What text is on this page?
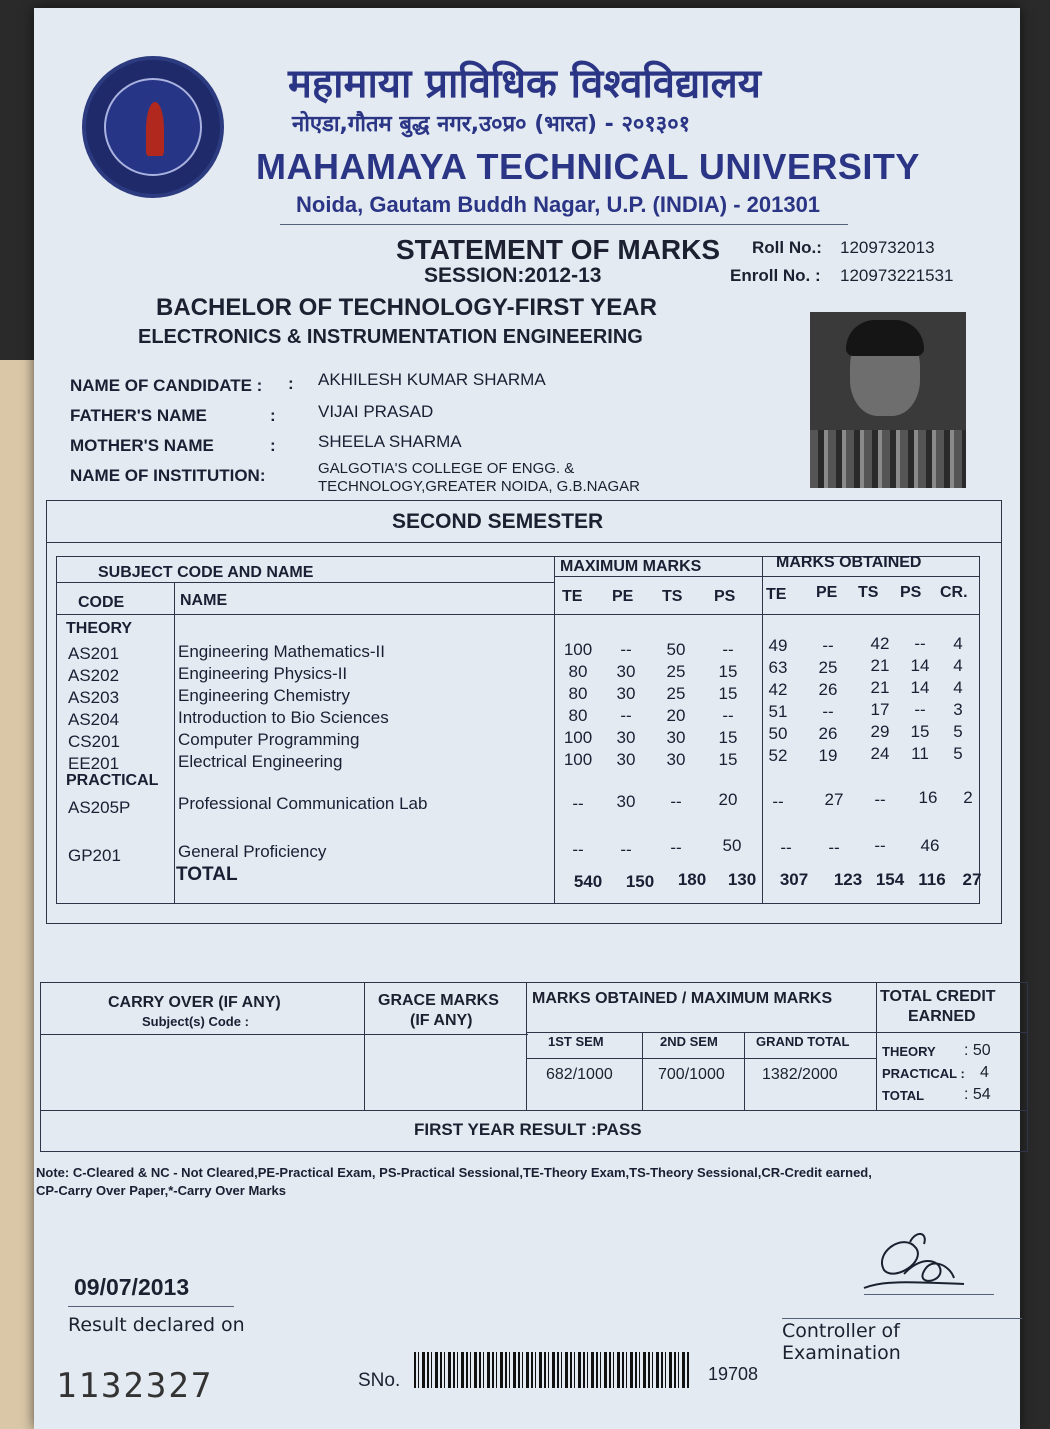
महामाया प्राविधिक विश्वविद्यालय
नोएडा,गौतम बुद्ध नगर,उ०प्र० (भारत) - २०१३०१
MAHAMAYA TECHNICAL UNIVERSITY
Noida, Gautam Buddh Nagar, U.P. (INDIA) - 201301
STATEMENT OF MARKS
SESSION:2012-13
Roll No.: 1209732013
Enroll No. : 120973221531
BACHELOR OF TECHNOLOGY-FIRST YEAR
ELECTRONICS & INSTRUMENTATION ENGINEERING
NAME OF CANDIDATE : : AKHILESH KUMAR SHARMA
FATHER'S NAME	: VIJAI PRASAD
MOTHER'S NAME	: SHEELA SHARMA
NAME OF INSTITUTION:	GALGOTIA'S COLLEGE OF ENGG. &
TECHNOLOGY,GREATER NOIDA, G.B.NAGAR
SECOND SEMESTER
SUBJECT CODE AND NAME
CODE	NAME
MAXIMUM MARKS	MARKS OBTAINED
TE PE TS PS TE PE TS PS CR.
THEORY
PRACTICAL
AS201	Engineering Mathematics-II	100	--	50	--	49	--	42	--	4
AS202	Engineering Physics-II	80	30	25	15	63	25	21	14	4
AS203	Engineering Chemistry	80	30	25	15	42	26	21	14	4
AS204	Introduction to Bio Sciences	80	--	20	--	51	--	17	--	3
CS201	Computer Programming	100	30	30	15	50	26	29	15	5
EE201	Electrical Engineering	100	30	30	15	52	19	24	11	5
AS205P	Professional Communication Lab	--	30	--	20	--	27	--	16	2
GP201	General Proficiency	--	--	--	50	--	--	--	46
TOTAL	540	150	180	130	307	123 154 116 27
CARRY OVER (IF ANY)
Subject(s) Code :
GRACE MARKS
(IF ANY)
MARKS OBTAINED / MAXIMUM MARKS
1ST SEM	2ND SEM	GRAND TOTAL
682/1000	700/1000 1382/2000
TOTAL CREDIT
EARNED
THEORY : 50
PRACTICAL : 4
TOTAL : 54
FIRST YEAR RESULT :PASS
Note: C-Cleared & NC - Not Cleared,PE-Practical Exam, PS-Practical Sessional,TE-Theory Exam,TS-Theory Sessional,CR-Credit earned,
CP-Carry Over Paper,*-Carry Over Marks
Controller of Examination
09/07/2013
Result declared on
1132327	SNo.	19708
